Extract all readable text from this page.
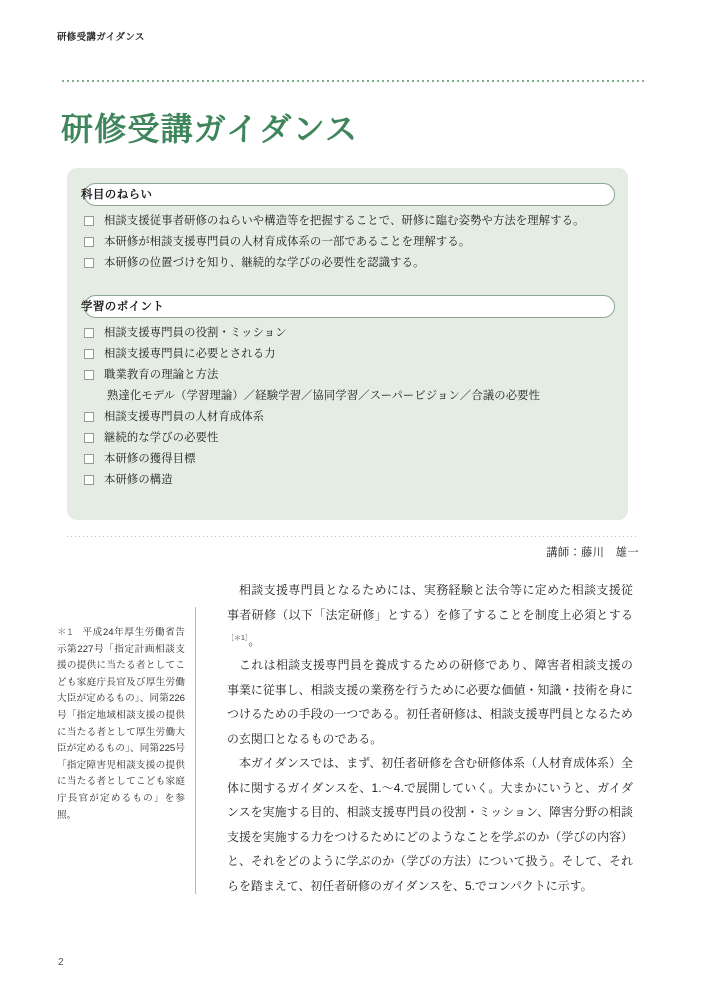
研修受講ガイダンス
研修受講ガイダンス
科目のねらい
相談支援従事者研修のねらいや構造等を把握することで、研修に臨む姿勢や方法を理解する。
本研修が相談支援専門員の人材育成体系の一部であることを理解する。
本研修の位置づけを知り、継続的な学びの必要性を認識する。
学習のポイント
相談支援専門員の役割・ミッション
相談支援専門員に必要とされる力
職業教育の理論と方法
熟達化モデル（学習理論）／経験学習／協同学習／スーパービジョン／合議の必要性
相談支援専門員の人材育成体系
継続的な学びの必要性
本研修の獲得目標
本研修の構造
講師：藤川　雄一
＊1 平成24年厚生労働省告示第227号「指定計画相談支援の提供に当たる者としてこども家庭庁長官及び厚生労働大臣が定めるもの」、同第226号「指定地域相談支援の提供に当たる者として厚生労働大臣が定めるもの」、同第225号「指定障害児相談支援の提供に当たる者としてこども家庭庁長官が定めるもの」を参照。

相談支援専門員となるためには、実務経験と法令等に定めた相談支援従事者研修（以下「法定研修」とする）を修了することを制度上必須とする$^{[*1]}$。

これは相談支援専門員を養成するための研修であり、障害者相談支援の事業に従事し、相談支援の業務を行うために必要な価値・知識・技術を身につけるための手段の一つである。初任者研修は、相談支援専門員となるための玄関口となるものである。

本ガイダンスでは、まず、初任者研修を含む研修体系（人材育成体系）全体に関するガイダンスを、1.〜4.で展開していく。大まかにいうと、ガイダンスを実施する目的、相談支援専門員の役割・ミッション、障害分野の相談支援を実施する力をつけるためにどのようなことを学ぶのか（学びの内容）と、それをどのように学ぶのか（学びの方法）について扱う。そして、それらを踏まえて、初任者研修のガイダンスを、5.でコンパクトに示す。

2
